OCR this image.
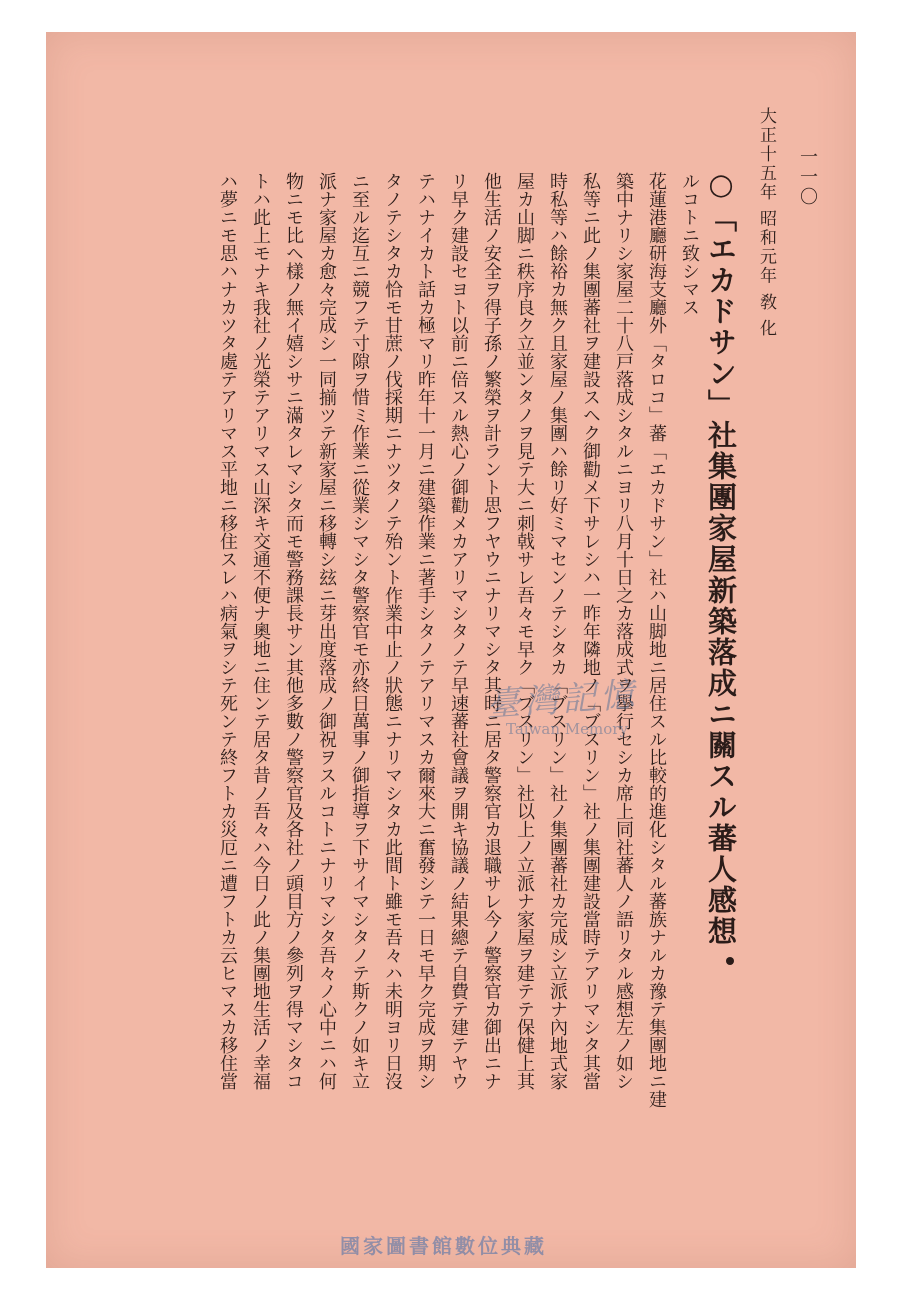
大正十五年 昭和元年 敎 化 一一〇
○「エカドサン」社集團家屋新築落成ニ關スル蕃人感想
ルコトニ致シマス
花蓮港廳研海支廳外「タロコ」蕃「エカドサン」社ハ山脚地ニ居住スル比較的進化シタル蕃族ナルカ豫テ集團地ニ建
築中ナリシ家屋二十八戸落成シタルニヨリ八月十日之カ落成式ヲ擧行セシカ席上同社蕃人ノ語リタル感想左ノ如シ
私等ニ此ノ集團蕃社ヲ建設スヘク御勸メ下サレシハ一昨年隣地ノ「ブスリン」社ノ集團建設當時テアリマシタ其當
時私等ハ餘裕カ無ク且家屋ノ集團ハ餘リ好ミマセンノテシタカ「ブスリン」社ノ集團蕃社カ完成シ立派ナ內地式家
屋カ山脚ニ秩序良ク立並ンタノヲ見テ大ニ刺戟サレ吾々モ早ク「ブスリン」社以上ノ立派ナ家屋ヲ建テテ保健上其
他生活ノ安全ヲ得子孫ノ繁榮ヲ計ラント思フヤウニナリマシタ其時ニ居タ警察官カ退職サレ今ノ警察官カ御出ニナ
リ早ク建設セヨト以前ニ倍スル熱心ノ御勸メカアリマシタノテ早速蕃社會議ヲ開キ協議ノ結果總テ自費テ建テヤウ
テハナイカト話カ極マリ昨年十一月ニ建築作業ニ著手シタノテアリマスカ爾來大ニ奮發シテ一日モ早ク完成ヲ期シ
タノテシタカ恰モ甘蔗ノ伐採期ニナツタノテ殆ント作業中止ノ狀態ニナリマシタカ此間ト雖モ吾々ハ未明ヨリ日沒
ニ至ル迄互ニ競フテ寸隙ヲ惜ミ作業ニ從業シマシタ警察官モ亦終日萬事ノ御指導ヲ下サイマシタノテ斯クノ如キ立
派ナ家屋カ愈々完成シ一同揃ツテ新家屋ニ移轉シ玆ニ芽出度落成ノ御祝ヲスルコトニナリマシタ吾々ノ心中ニハ何
物ニモ比ヘ樣ノ無イ嬉シサニ滿タレマシタ而モ警務課長サン其他多數ノ警察官及各社ノ頭目方ノ參列ヲ得マシタコ
トハ此上モナキ我社ノ光榮テアリマス山深キ交通不便ナ奧地ニ住ンテ居タ昔ノ吾々ハ今日ノ此ノ集團地生活ノ幸福
ハ夢ニモ思ハナカツタ處テアリマス平地ニ移住スレハ病氣ヲシテ死ンテ終フトカ災厄ニ遭フトカ云ヒマスカ移住當	臺灣記憶
Taiwan Memory
國家圖書館數位典藏
